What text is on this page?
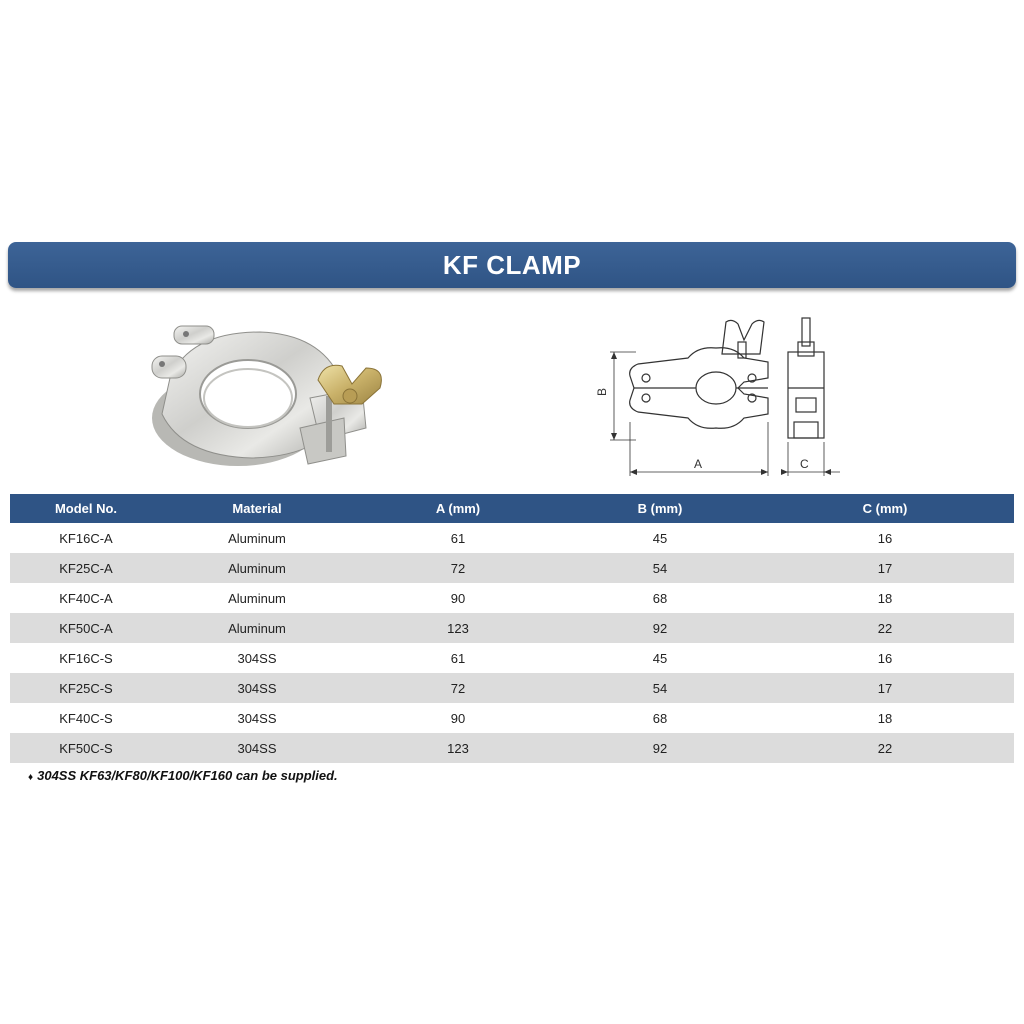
KF CLAMP
B
A	C
Model No.	Material	A (mm)	B (mm)	C (mm)
KF16C-A	Aluminum	61	45	16
KF25C-A	Aluminum	72	54	17
KF40C-A	Aluminum	90	68	18
KF50C-A	Aluminum	123	92	22
KF16C-S	304SS	61	45	16
KF25C-S	304SS	72	54	17
KF40C-S	304SS	90	68	18
KF50C-S	304SS	123	92	22
♦ 304SS KF63/KF80/KF100/KF160 can be supplied.
